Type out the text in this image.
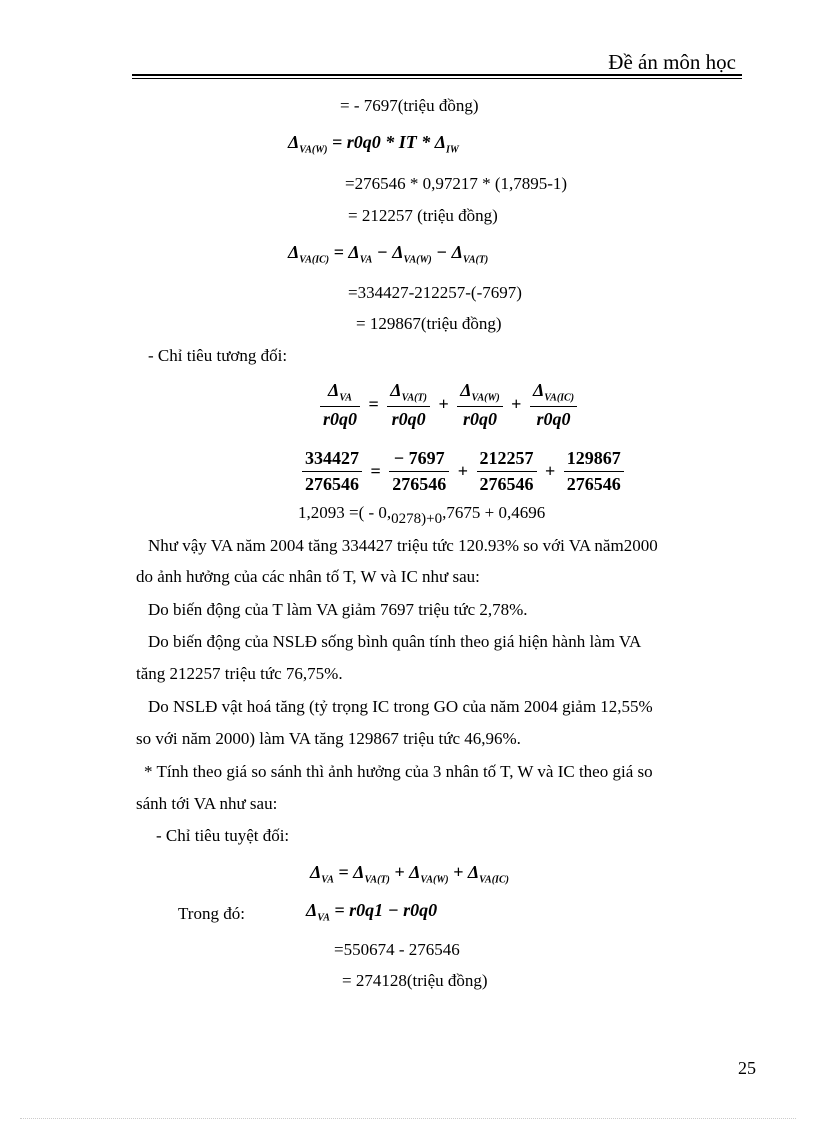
Đề án môn học
= - 7697(triệu đồng)
$\Delta_{VA(W)} = r0q0$ * IT * $\Delta_{IW}$
=276546 * 0,97217 * (1,7895-1)
= 212257 (triệu đồng)
$\Delta_{VA(IC)} = \Delta_{VA} - \Delta_{VA(W)} - \Delta_{VA(T)}$
=334427-212257-(-7697)
= 129867(triệu đồng)
- Chỉ tiêu tương đối:
$\frac{\Delta_{VA}}{r0q0} = \frac{\Delta_{VA(T)}}{r0q0} + \frac{\Delta_{VA(W)}}{r0q0} + \frac{\Delta_{VA(IC)}}{r0q0}$
$\frac{334427}{276546} = \frac{- 7697}{276546} + \frac{212257}{276546} + \frac{129867}{276546}$
1,2093 =( - 0,0278)+0,7675 + 0,4696
Như vậy VA năm 2004 tăng 334427 triệu tức 120.93% so với VA năm2000
do ảnh hưởng của các nhân tố T, W và IC như sau:
Do biến động của T làm VA giảm 7697 triệu tức 2,78%.
Do biến động của NSLĐ sống bình quân tính theo giá hiện hành làm VA
tăng 212257 triệu tức 76,75%.
Do NSLĐ vật hoá tăng (tỷ trọng IC trong GO của năm 2004 giảm 12,55%
so với năm 2000) làm VA tăng 129867 triệu tức 46,96%.
* Tính theo giá so sánh thì ảnh hưởng của 3 nhân tố T, W và IC theo giá so
sánh tới VA như sau:
- Chỉ tiêu tuyệt đối:
$\Delta_{VA} = \Delta_{VA(T)} + \Delta_{VA(W)} + \Delta_{VA(IC)}$
Trong đó:	$\Delta_{VA} = r0q1 - r0q0$
=550674 - 276546
= 274128(triệu đồng)
25
